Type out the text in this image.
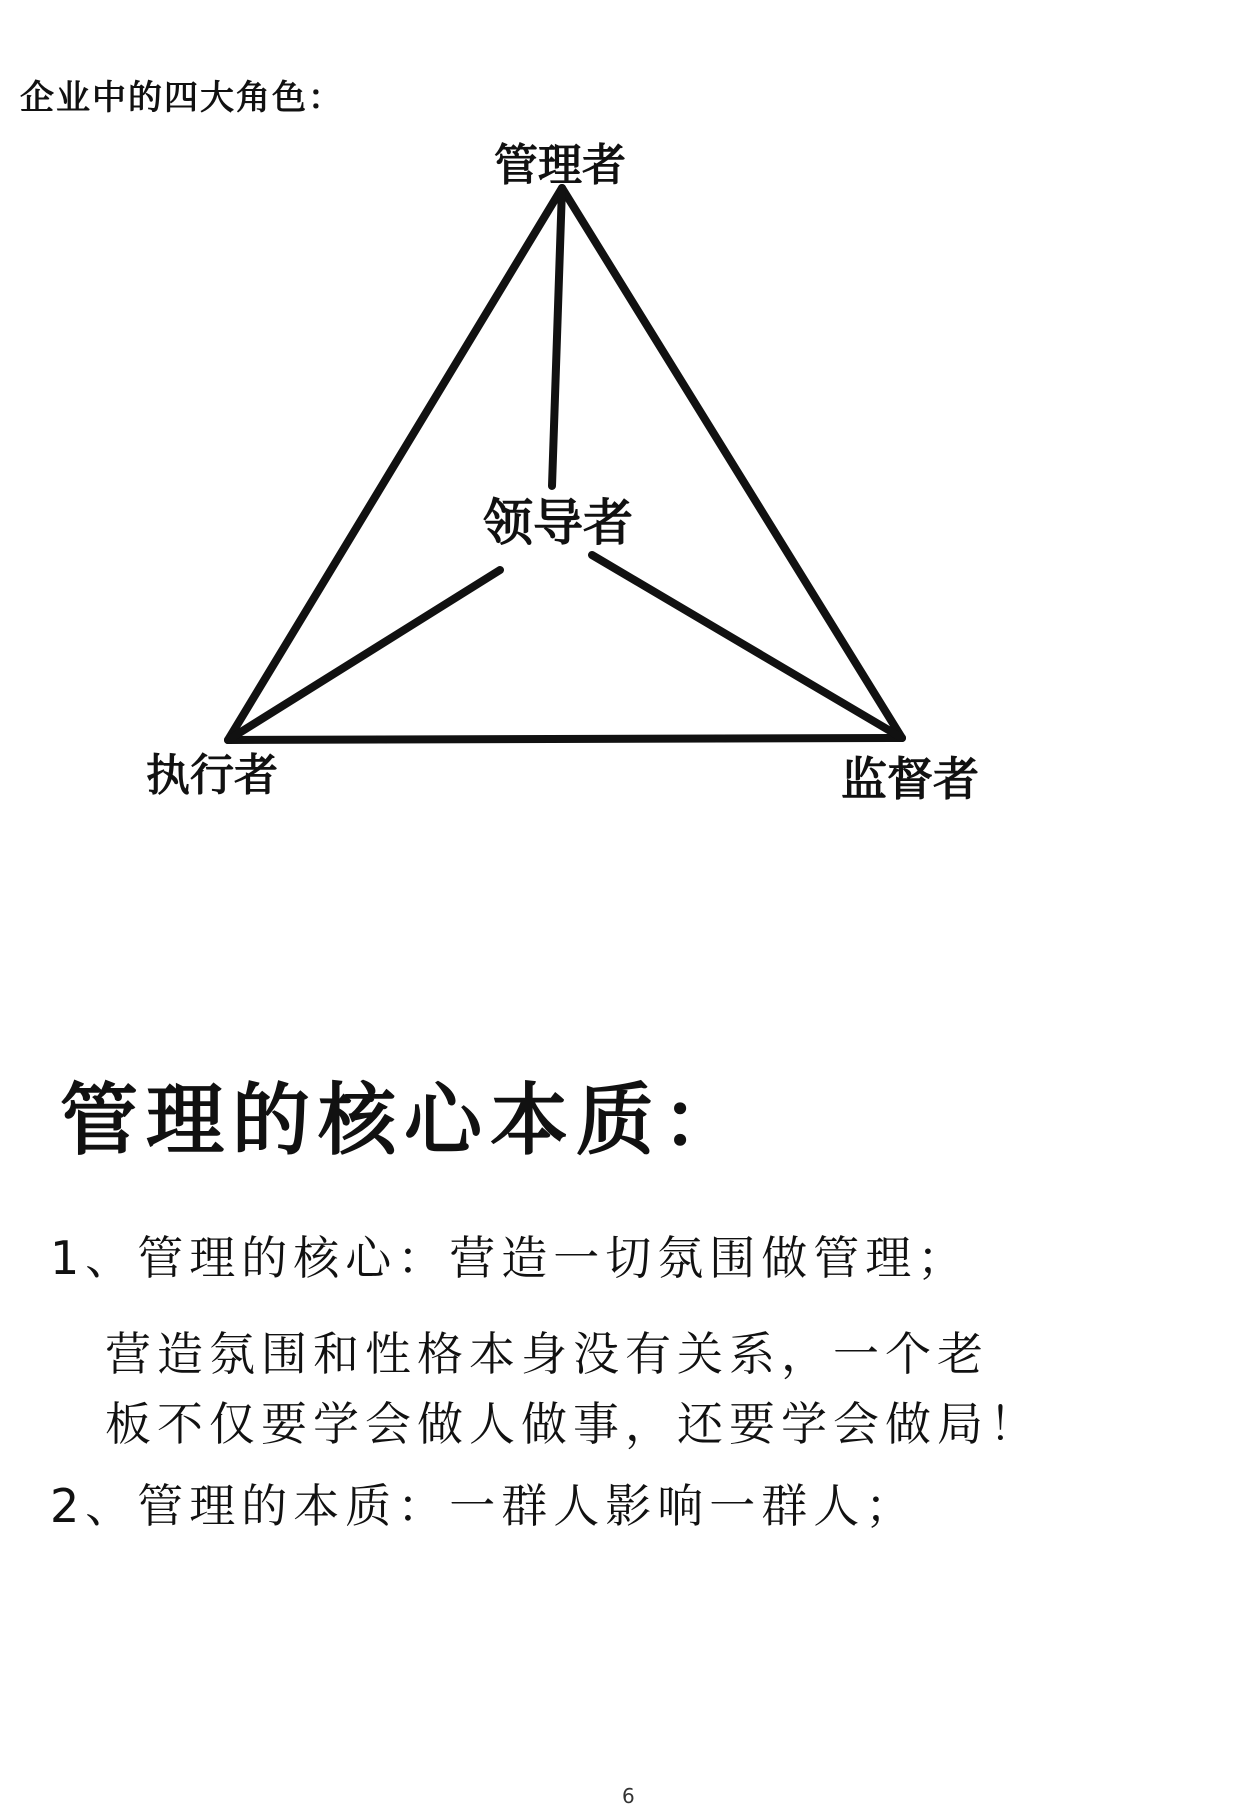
企业中的四大角色：
管理者
领导者
执行者	监督者
管理的核心本质：
1、管理的核心：营造一切氛围做管理；
营造氛围和性格本身没有关系，一个老
板不仅要学会做人做事，还要学会做局！
2、管理的本质：一群人影响一群人；
6
